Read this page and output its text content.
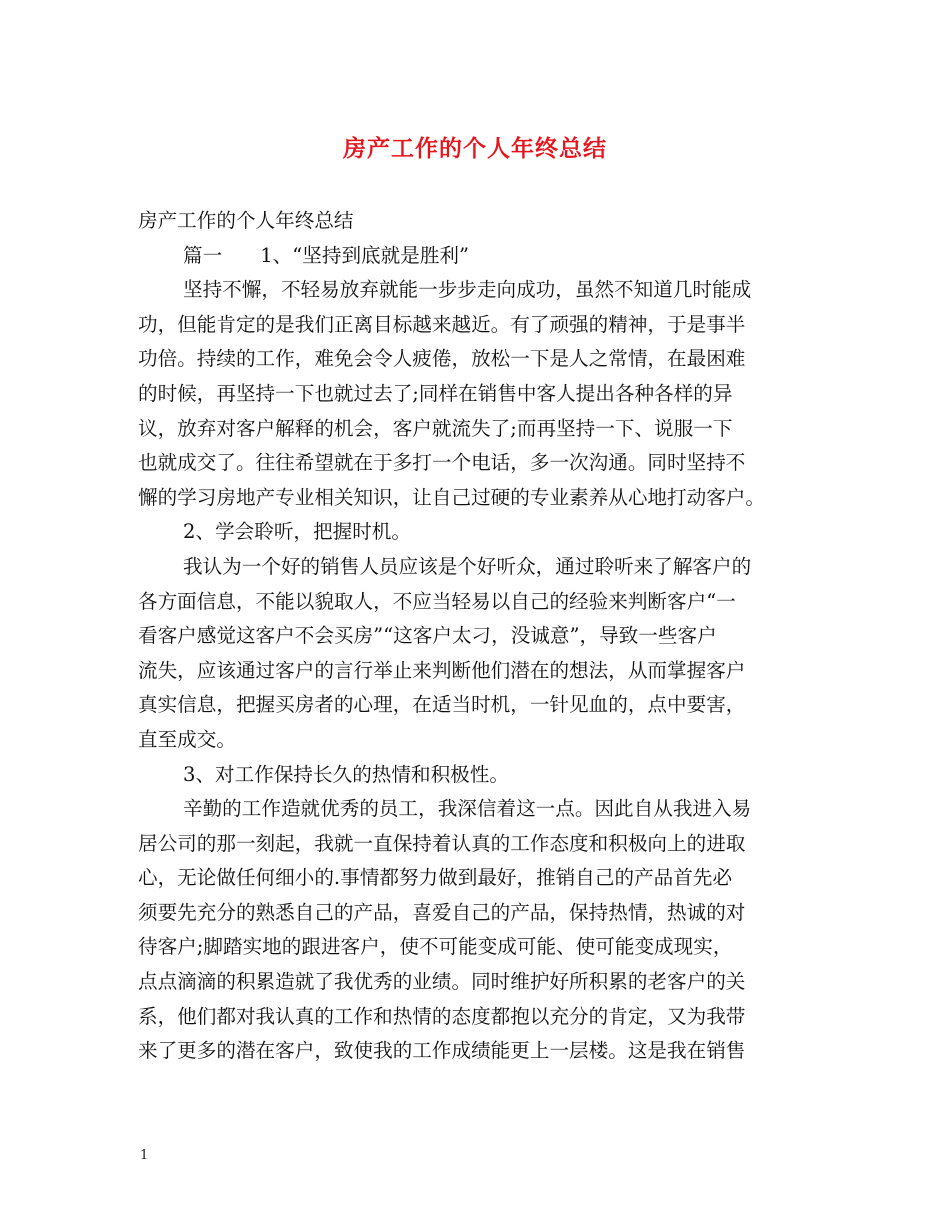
房产工作的个人年终总结

房产工作的个人年终总结

篇一 1、“坚持到底就是胜利”

坚持不懈，不轻易放弃就能一步步走向成功，虽然不知道几时能成

功，但能肯定的是我们正离目标越来越近。有了顽强的精神，于是事半

功倍。持续的工作，难免会令人疲倦，放松一下是人之常情，在最困难

的时候，再坚持一下也就过去了;同样在销售中客人提出各种各样的异

议，放弃对客户解释的机会，客户就流失了;而再坚持一下、说服一下

也就成交了。往往希望就在于多打一个电话，多一次沟通。同时坚持不

懈的学习房地产专业相关知识，让自己过硬的专业素养从心地打动客户。

2、学会聆听，把握时机。

我认为一个好的销售人员应该是个好听众，通过聆听来了解客户的

各方面信息，不能以貌取人，不应当轻易以自己的经验来判断客户“一

看客户感觉这客户不会买房”“这客户太刁，没诚意”，导致一些客户

流失，应该通过客户的言行举止来判断他们潜在的想法，从而掌握客户

真实信息，把握买房者的心理，在适当时机，一针见血的，点中要害，

直至成交。

3、对工作保持长久的热情和积极性。

辛勤的工作造就优秀的员工，我深信着这一点。因此自从我进入易

居公司的那一刻起，我就一直保持着认真的工作态度和积极向上的进取

心，无论做任何细小的.事情都努力做到最好，推销自己的产品首先必

须要先充分的熟悉自己的产品，喜爱自己的产品，保持热情，热诚的对

待客户;脚踏实地的跟进客户，使不可能变成可能、使可能变成现实，

点点滴滴的积累造就了我优秀的业绩。同时维护好所积累的老客户的关

系，他们都对我认真的工作和热情的态度都抱以充分的肯定，又为我带

来了更多的潜在客户，致使我的工作成绩能更上一层楼。这是我在销售

1
